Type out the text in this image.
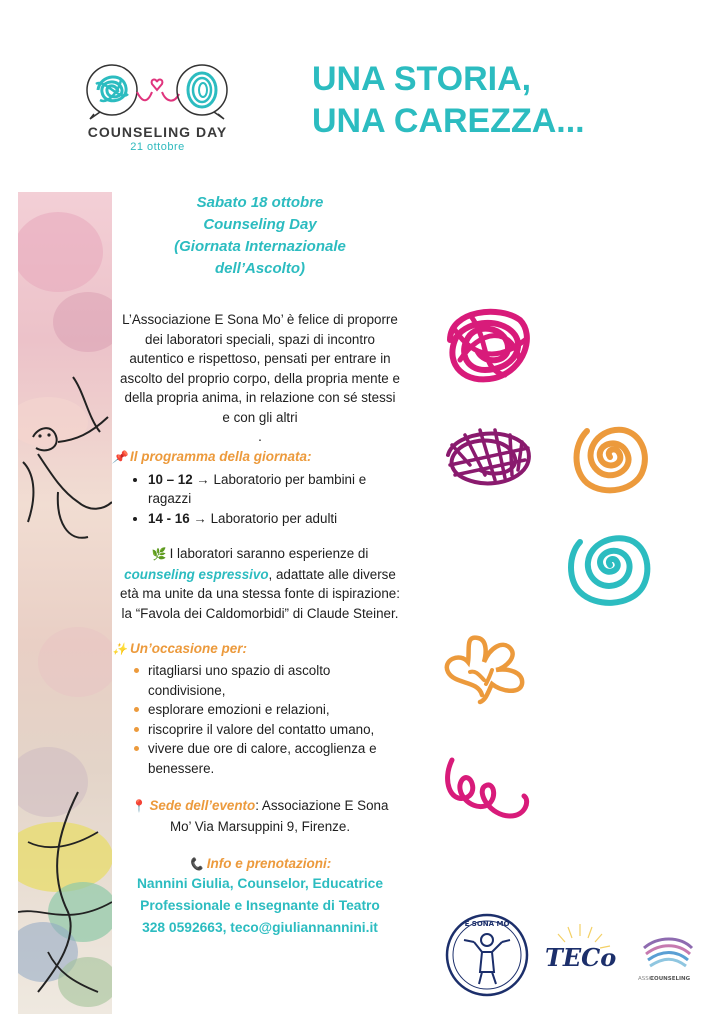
COUNSELING DAY
21 ottobre
UNA STORIA,
UNA CAREZZA...
Sabato 18 ottobre
Counseling Day
(Giornata Internazionale
dell’Ascolto)
L’Associazione E Sona Mo’ è felice di proporre dei laboratori speciali, spazi di incontro autentico e rispettoso, pensati per entrare in ascolto del proprio corpo, della propria mente e della propria anima, in relazione con sé stessi e con gli altri
.
📌 Il programma della giornata:
• 10 – 12 → Laboratorio per bambini e ragazzi
• 14 - 16 → Laboratorio per adulti
🌿 I laboratori saranno esperienze di counseling espressivo, adattate alle diverse età ma unite da una stessa fonte di ispirazione: la “Favola dei Caldomorbidi” di Claude Steiner.
✨ Un’occasione per:
ritagliarsi uno spazio di ascolto condivisione,
esplorare emozioni e relazioni,
riscoprire il valore del contatto umano,
vivere due ore di calore, accoglienza e benessere.
📍 Sede dell’evento: Associazione E Sona Mo’ Via Marsuppini 9, Firenze.
📞 Info e prenotazioni:
Nannini Giulia, Counselor, Educatrice
Professionale e Insegnante di Teatro
328 0592663, teco@giuliannannini.it	E SONA MO
TECo
ASSO
COUNSELING
